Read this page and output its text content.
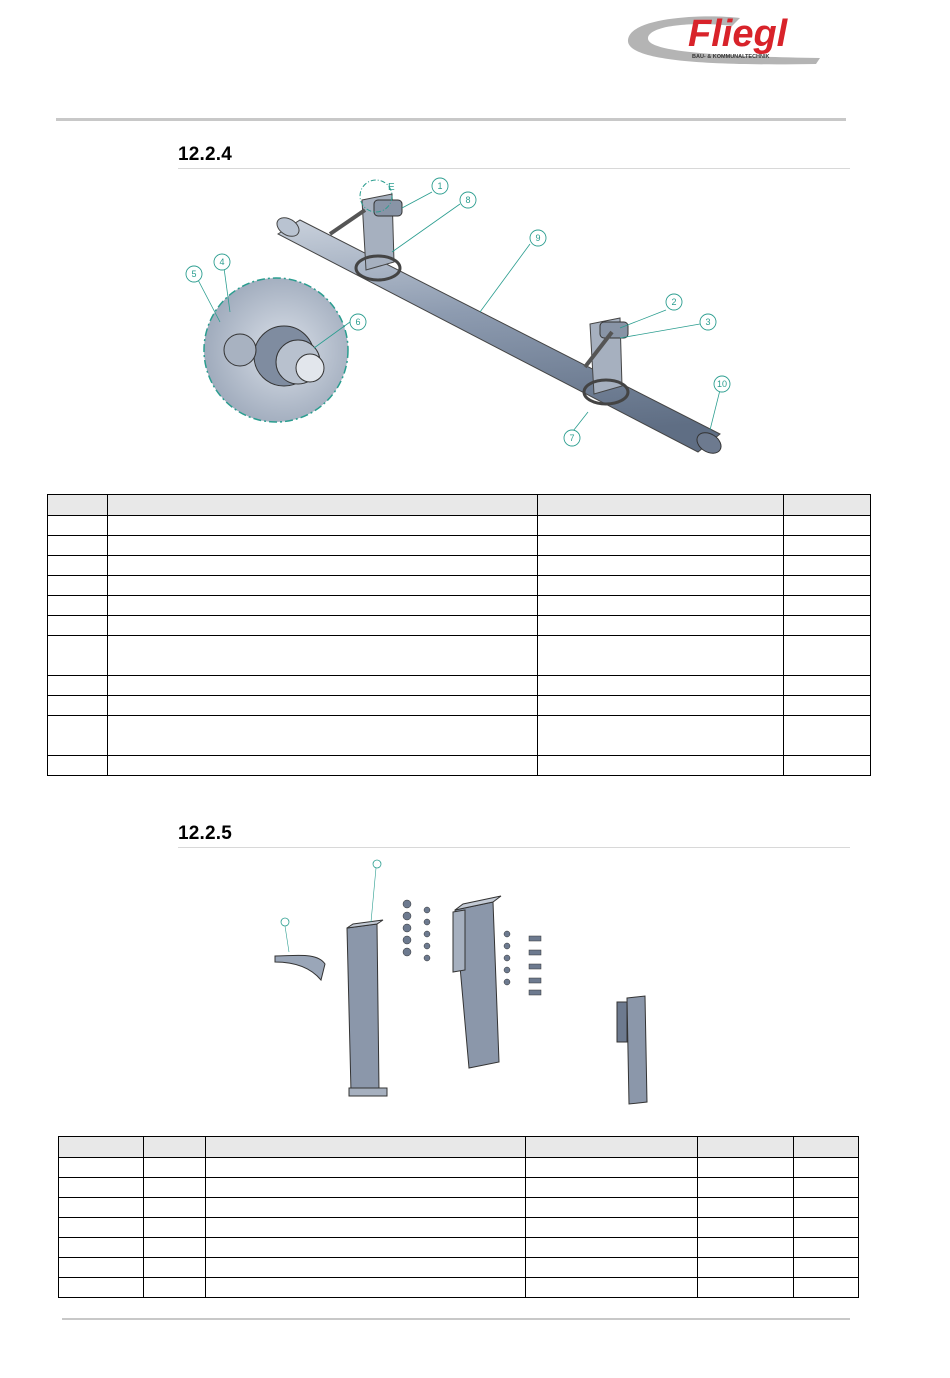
Fliegl
BAU- & KOMMUNALTECHNIK
12.2.4
E	1
2
3
4
5
6
7
8
9
10

12.2.5
